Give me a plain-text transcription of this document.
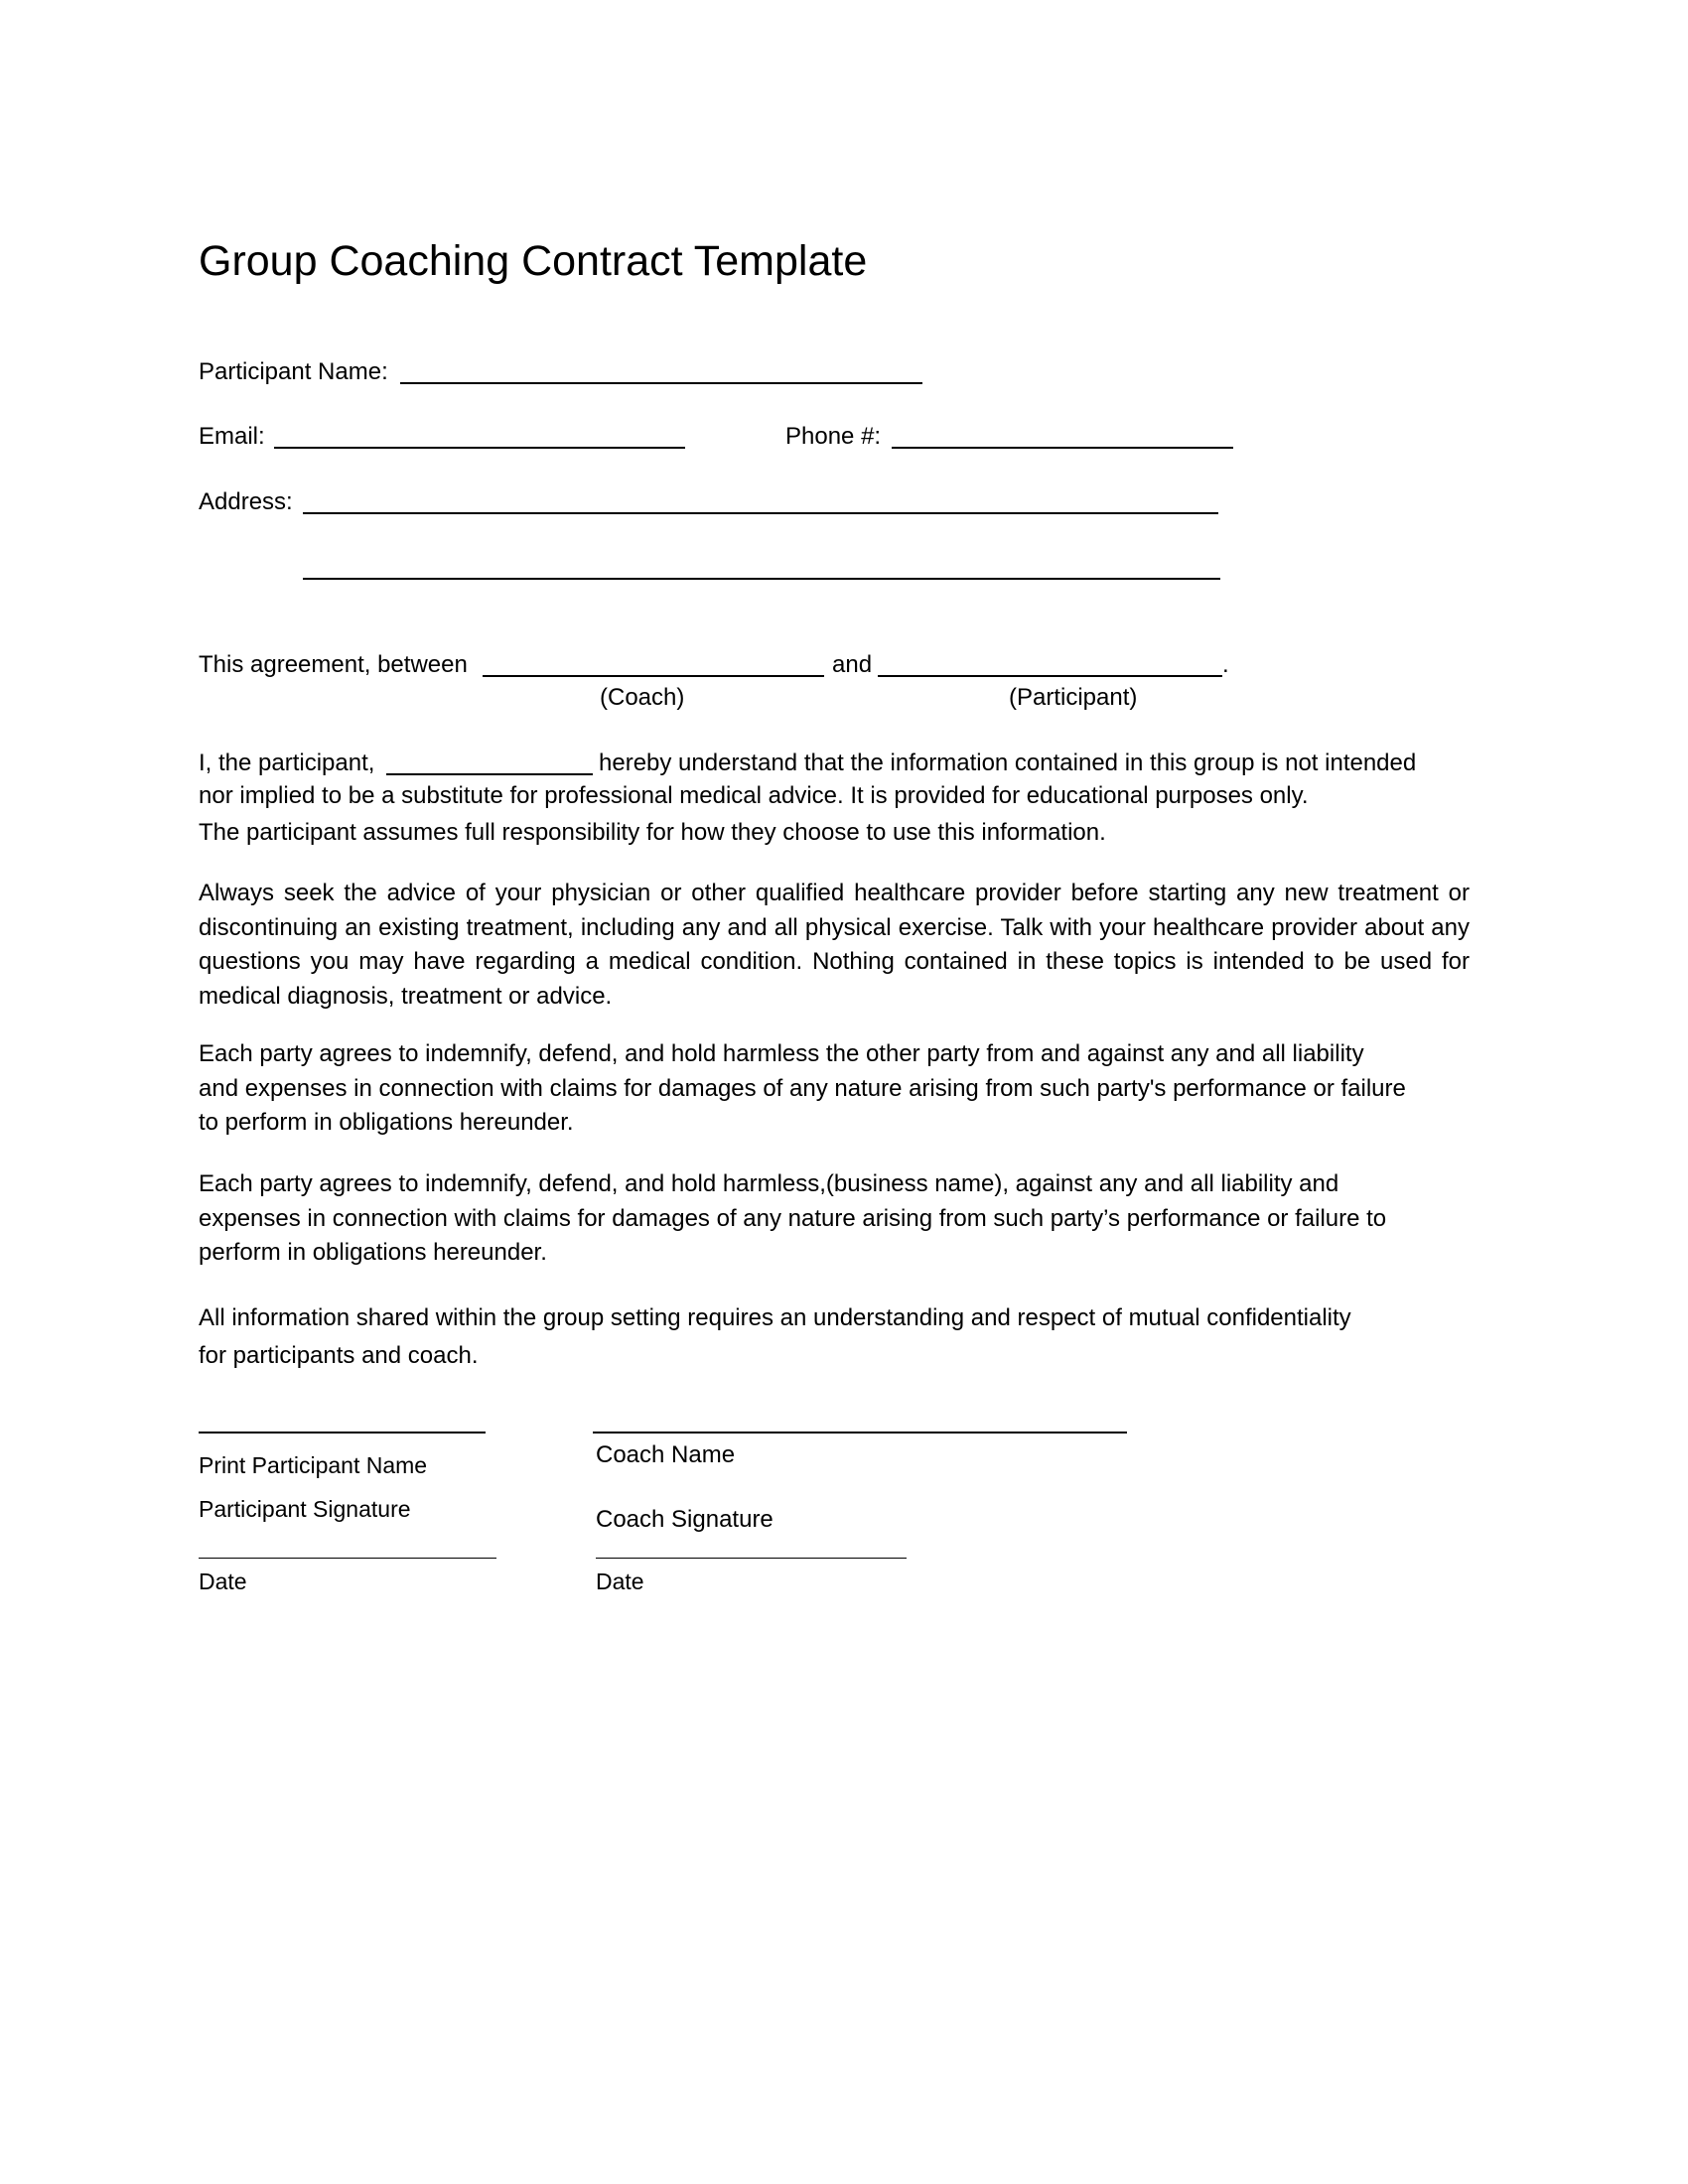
Group Coaching Contract Template
Participant Name:
Email:	Phone #:
Address:
This agreement, between	and	.
(Coach)	(Participant)
I, the participant,	hereby understand that the information contained in this group is not intended
nor implied to be a substitute for professional medical advice. It is provided for educational purposes only.
The participant assumes full responsibility for how they choose to use this information.

Always seek the advice of your physician or other qualified healthcare provider before starting any new treatment or discontinuing an existing treatment, including any and all physical exercise. Talk with your healthcare provider about any questions you may have regarding a medical condition. Nothing contained in these topics is intended to be used for medical diagnosis, treatment or advice.

Each party agrees to indemnify, defend, and hold harmless the other party from and against any and all liability
and expenses in connection with claims for damages of any nature arising from such party's performance or failure
to perform in obligations hereunder.
Each party agrees to indemnify, defend, and hold harmless,(business name), against any and all liability and
expenses in connection with claims for damages of any nature arising from such party’s performance or failure to
perform in obligations hereunder.
All information shared within the group setting requires an understanding and respect of mutual confidentiality
for participants and coach.
Print Participant Name	Coach Name
Participant Signature	Coach Signature
Date	Date
